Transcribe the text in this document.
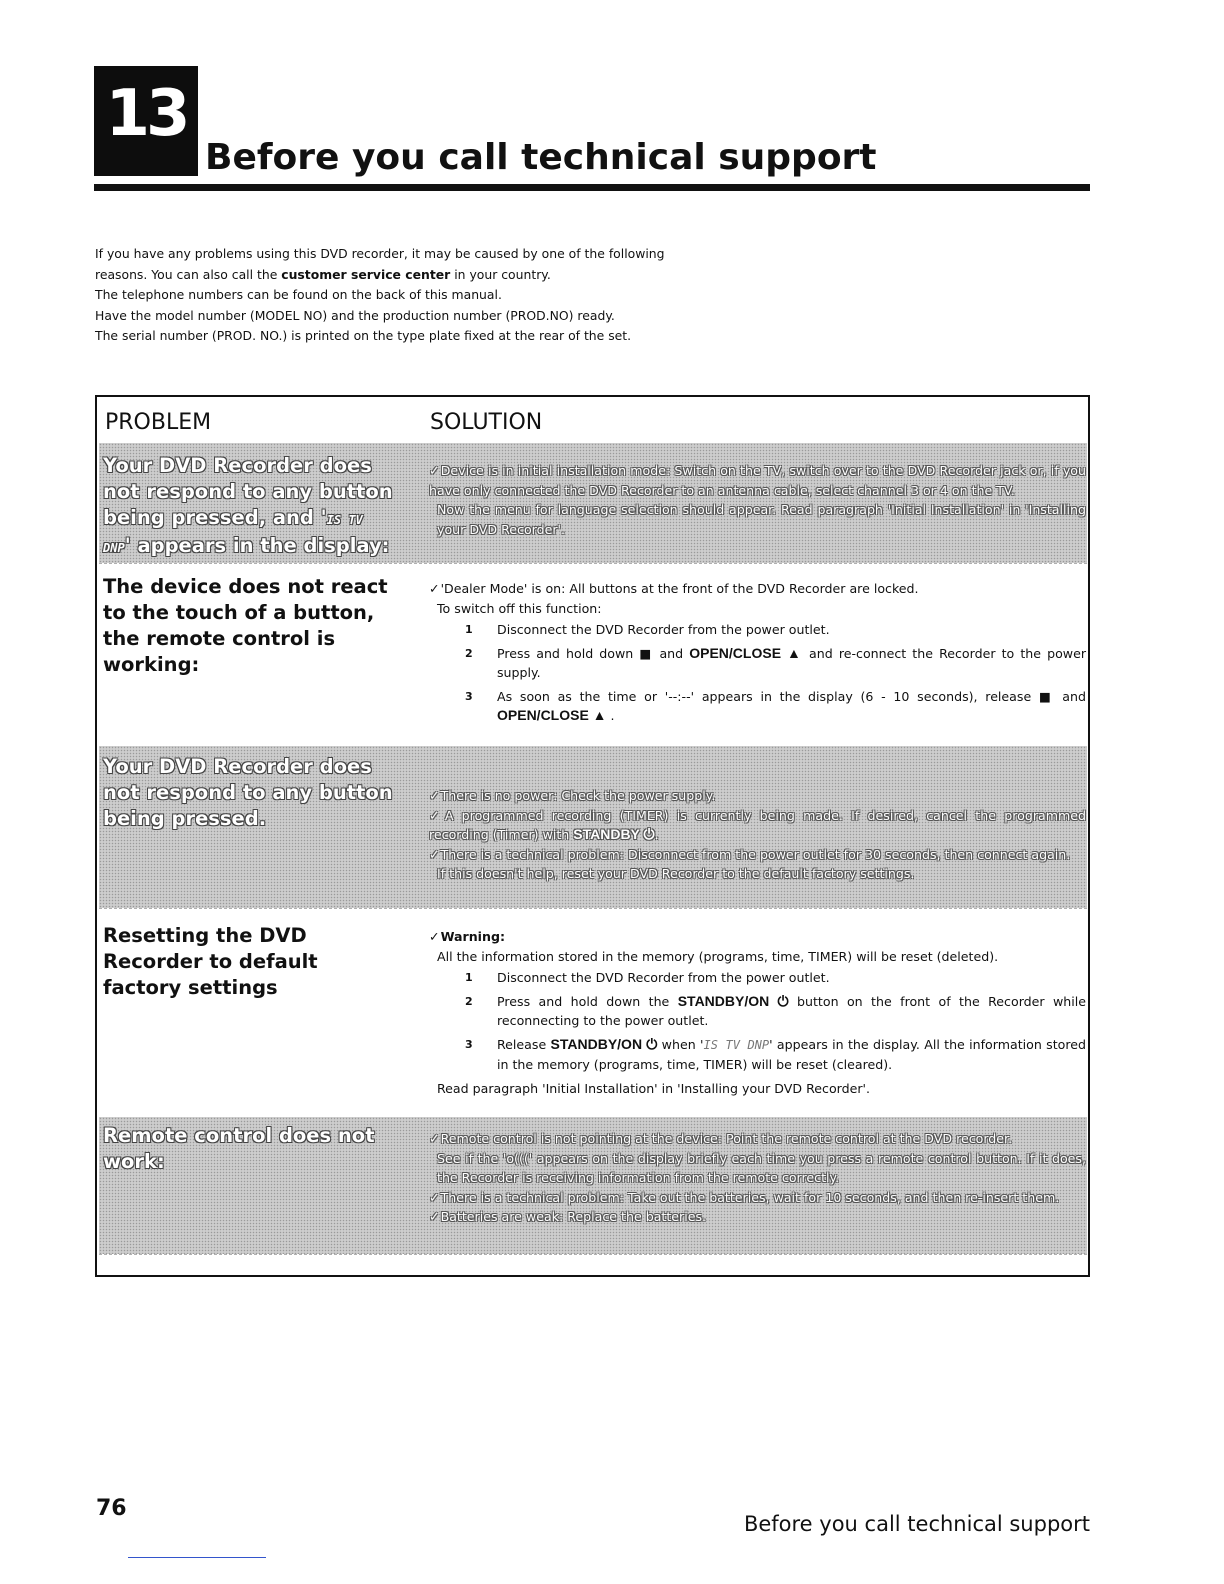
13
Before you call technical support

If you have any problems using this DVD recorder, it may be caused by one of the following

reasons. You can also call the customer service center in your country.

The telephone numbers can be found on the back of this manual.

Have the model number (MODEL NO) and the production number (PROD.NO) ready.

The serial number (PROD. NO.) is printed on the type plate fixed at the rear of the set.

PROBLEM	SOLUTION
Your DVD Recorder does not respond to any button being pressed, and 'IS TV DNP' appears in the display:

✓Device is in initial installation mode: Switch on the TV, switch over to the DVD Recorder jack or, if you have only connected the DVD Recorder to an antenna cable, select channel 3 or 4 on the TV.

Now the menu for language selection should appear. Read paragraph 'Initial Installation' in 'Installing your DVD Recorder'.

The device does not react to the touch of a button, the remote control is working:

✓'Dealer Mode' is on: All buttons at the front of the DVD Recorder are locked.

To switch off this function:

1 Disconnect the DVD Recorder from the power outlet.
2 Press and hold down ■ and OPEN/CLOSE ▲ and re-connect the Recorder to the power supply.
3 As soon as the time or '--:--' appears in the display (6 - 10 seconds), release ■ and OPEN/CLOSE ▲ .
Your DVD Recorder does not respond to any button being pressed.

✓There is no power: Check the power supply.

✓A programmed recording (TIMER) is currently being made. If desired, cancel the programmed recording (Timer) with STANDBY ⏻.

✓There is a technical problem: Disconnect from the power outlet for 30 seconds, then connect again.

If this doesn't help, reset your DVD Recorder to the default factory settings.

Resetting the DVD Recorder to default factory settings

✓Warning:

All the information stored in the memory (programs, time, TIMER) will be reset (deleted).

1 Disconnect the DVD Recorder from the power outlet.
2 Press and hold down the STANDBY/ON ⏻ button on the front of the Recorder while reconnecting to the power outlet.
3 Release STANDBY/ON ⏻ when 'IS TV DNP' appears in the display. All the information stored in the memory (programs, time, TIMER) will be reset (cleared).

Read paragraph 'Initial Installation' in 'Installing your DVD Recorder'.

Remote control does not work:

✓Remote control is not pointing at the device: Point the remote control at the DVD recorder.

See if the 'o(((' appears on the display briefly each time you press a remote control button. If it does, the Recorder is receiving information from the remote correctly.

✓There is a technical problem: Take out the batteries, wait for 10 seconds, and then re-insert them.

✓Batteries are weak: Replace the batteries.

76
Before you call technical support
